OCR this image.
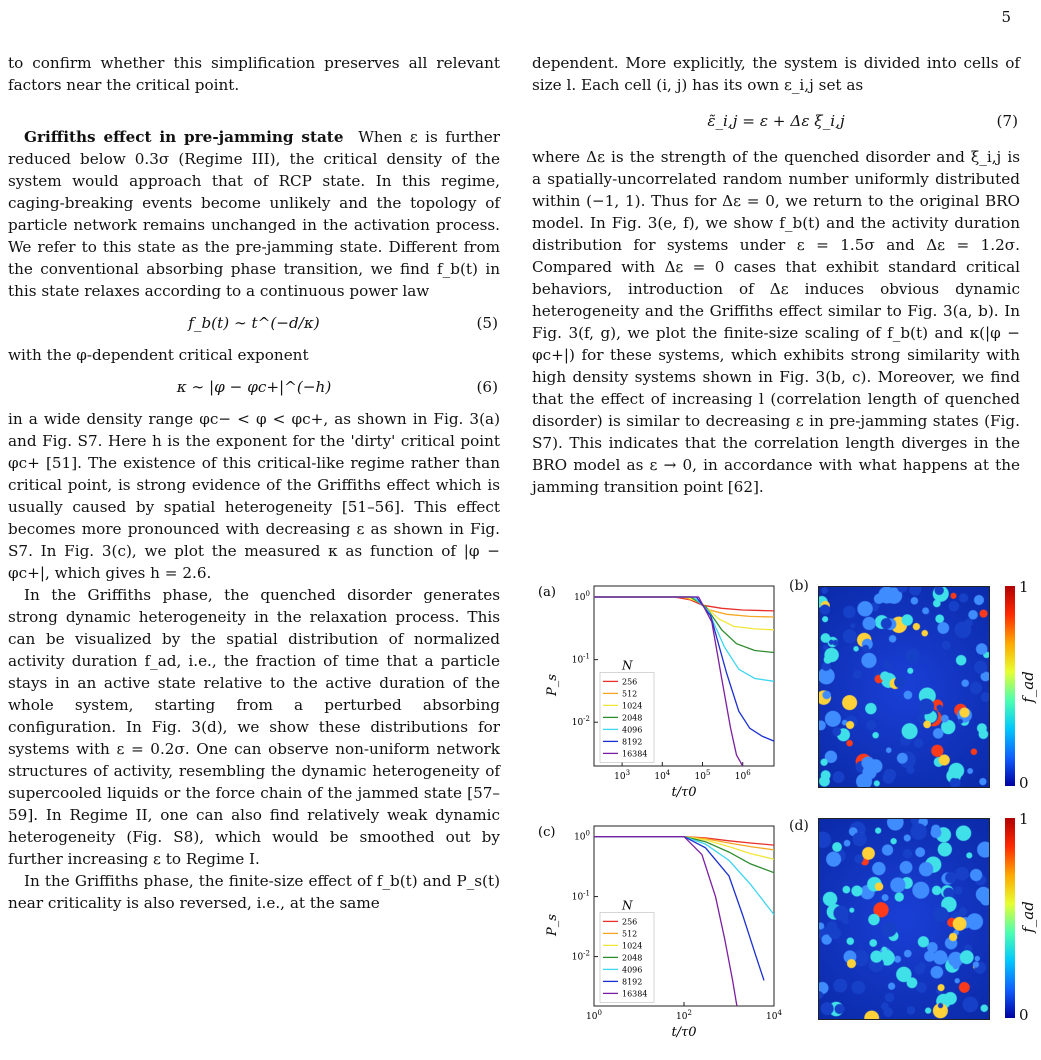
5

to confirm whether this simplification preserves all relevant factors near the critical point.

Griffiths effect in pre-jamming state When ε is further reduced below 0.3σ (Regime III), the critical density of the system would approach that of RCP state. In this regime, caging-breaking events become unlikely and the topology of particle network remains unchanged in the activation process. We refer to this state as the pre-jamming state. Different from the conventional absorbing phase transition, we find f_b(t) in this state relaxes according to a continuous power law

f_b(t) ∼ t^(−d/κ)	(5)

with the φ-dependent critical exponent

κ ∼ |φ − φc+|^(−h)	(6)

in a wide density range φc− < φ < φc+, as shown in Fig. 3(a) and Fig. S7. Here h is the exponent for the 'dirty' critical point φc+ [51]. The existence of this critical-like regime rather than critical point, is strong evidence of the Griffiths effect which is usually caused by spatial heterogeneity [51–56]. This effect becomes more pronounced with decreasing ε as shown in Fig. S7. In Fig. 3(c), we plot the measured κ as function of |φ − φc+|, which gives h = 2.6.

In the Griffiths phase, the quenched disorder generates strong dynamic heterogeneity in the relaxation process. This can be visualized by the spatial distribution of normalized activity duration f_ad, i.e., the fraction of time that a particle stays in an active state relative to the active duration of the whole system, starting from a perturbed absorbing configuration. In Fig. 3(d), we show these distributions for systems with ε = 0.2σ. One can observe non-uniform network structures of activity, resembling the dynamic heterogeneity of supercooled liquids or the force chain of the jammed state [57–59]. In Regime II, one can also find relatively weak dynamic heterogeneity (Fig. S8), which would be smoothed out by further increasing ε to Regime I.

In the Griffiths phase, the finite-size effect of f_b(t) and P_s(t) near criticality is also reversed, i.e., at the same

dependent. More explicitly, the system is divided into cells of size l. Each cell (i, j) has its own ε_i,j set as

ε̃_i,j = ε + Δε ξ_i,j	(7)

where Δε is the strength of the quenched disorder and ξ_i,j is a spatially-uncorrelated random number uniformly distributed within (−1, 1). Thus for Δε = 0, we return to the original BRO model. In Fig. 3(e, f), we show f_b(t) and the activity duration distribution for systems under ε = 1.5σ and Δε = 1.2σ. Compared with Δε = 0 cases that exhibit standard critical behaviors, introduction of Δε induces obvious dynamic heterogeneity and the Griffiths effect similar to Fig. 3(a, b). In Fig. 3(f, g), we plot the finite-size scaling of f_b(t) and κ(|φ − φc+|) for these systems, which exhibits strong similarity with high density systems shown in Fig. 3(b, c). Moreover, we find that the effect of increasing l (correlation length of quenched disorder) is similar to decreasing ε in pre-jamming states (Fig. S7). This indicates that the correlation length diverges in the BRO model as ε → 0, in accordance with what happens at the jamming transition point [62].

(a)
$10^3$	$10^4$	$10^5$	$10^6$
$10^0$
$10^{-1}$
$10^{-2}$
N
256
512
1024
2048
4096
8192
16384
t/τ0
P_s
(c)
$10^0$	$10^2$	$10^4$
$10^0$
$10^{-1}$
$10^{-2}$
N
256
512
1024
2048
4096
8192
16384
t/τ0
P_s
(b)	1
0
f_ad
(d)	1
0
f_ad
